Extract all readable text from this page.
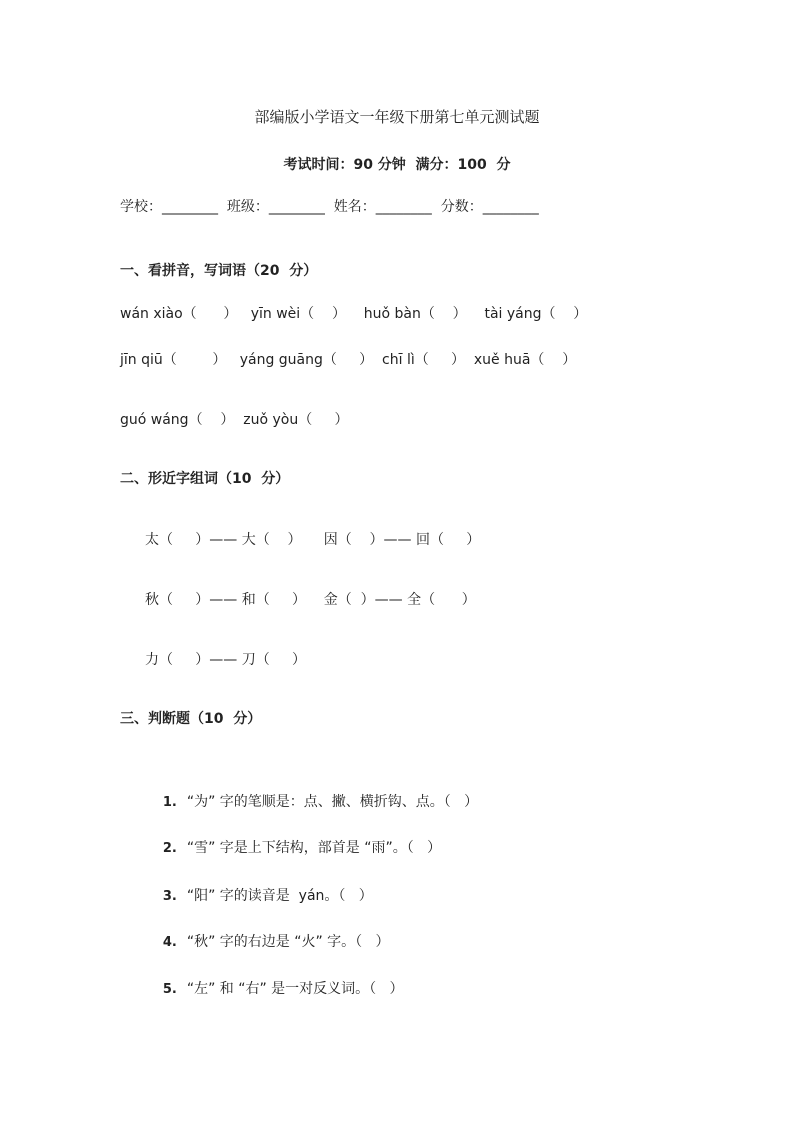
部编版小学语文一年级下册第七单元测试题
考试时间：90 分钟  满分：100  分
学校：________  班级：________  姓名：________  分数：________
一、看拼音，写词语（20  分）
wán xiào（      ）   yīn wèi（    ）    huǒ bàn（    ）    tài yáng（    ）
jīn qiū（        ）   yáng guāng（     ）  chī lì（     ）  xuě huā（    ）
guó wáng（    ）  zuǒ yòu（     ）
二、形近字组词（10  分）
太（     ）—— 大（    ）     因（    ）—— 回（     ）
秋（     ）—— 和（     ）    金（  ）—— 全（      ）
力（     ）—— 刀（     ）
三、判断题（10  分）

1. “为” 字的笔顺是：点、撇、横折钩、点。（   ）

2. “雪” 字是上下结构，部首是 “雨”。（   ）

3. “阳” 字的读音是  yán。（   ）

4. “秋” 字的右边是 “火” 字。（   ）

5. “左” 和 “右” 是一对反义词。（   ）
